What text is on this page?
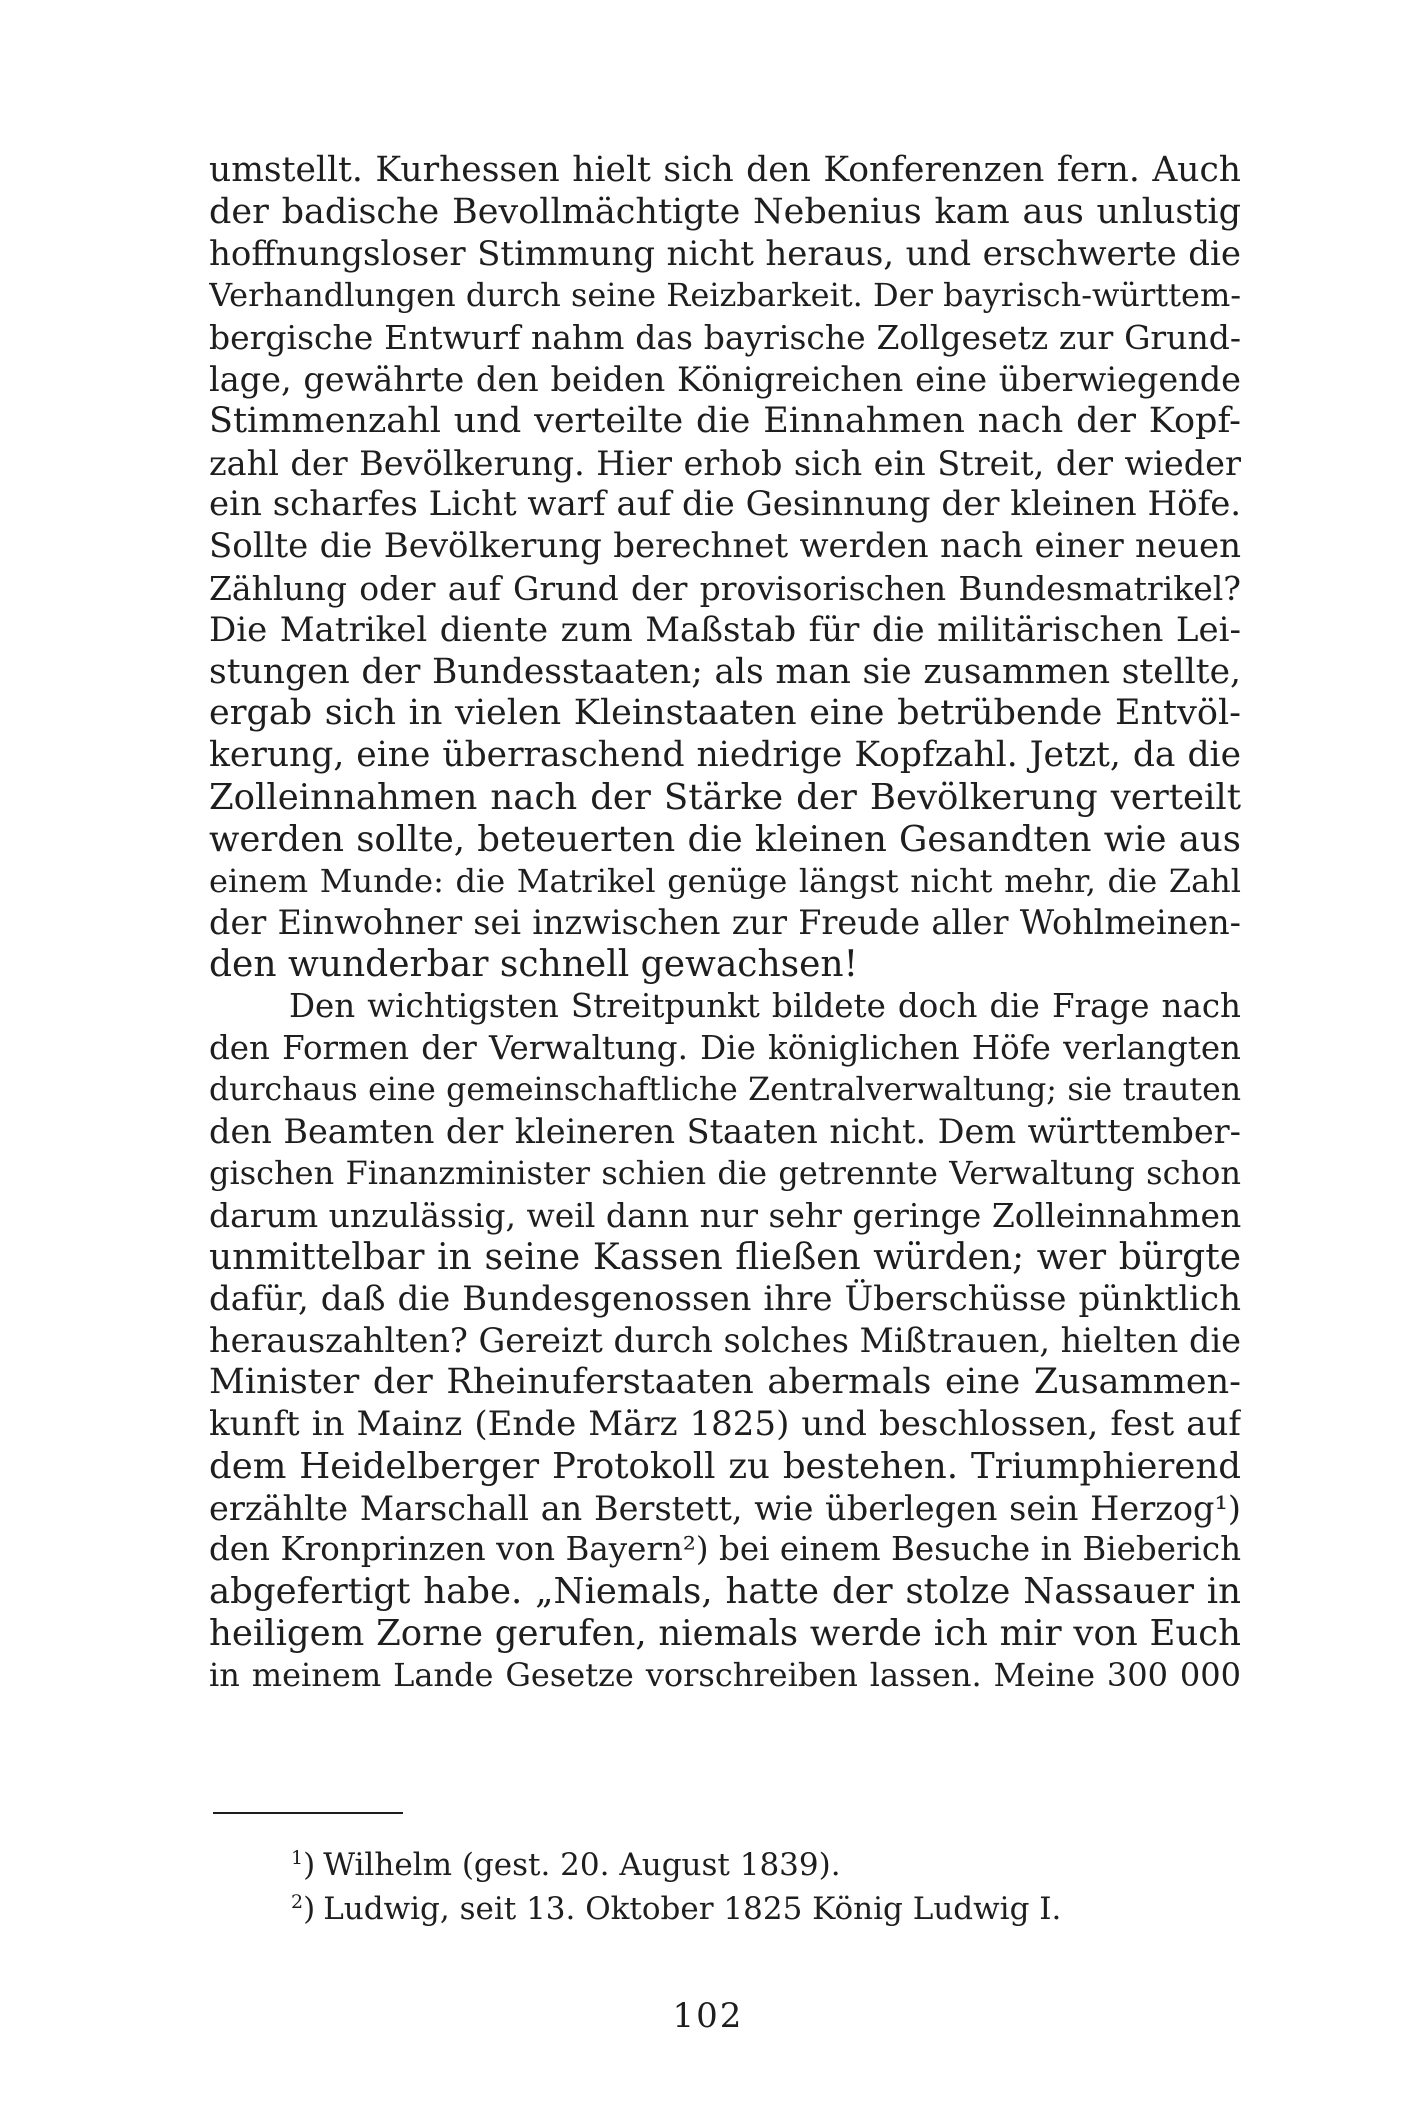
umstellt. Kurhessen hielt sich den Konferenzen fern. Auch
der badische Bevollmächtigte Nebenius kam aus unlustig
hoffnungsloser Stimmung nicht heraus, und erschwerte die
Verhandlungen durch seine Reizbarkeit. Der bayrisch-württem-
bergische Entwurf nahm das bayrische Zollgesetz zur Grund-
lage, gewährte den beiden Königreichen eine überwiegende
Stimmenzahl und verteilte die Einnahmen nach der Kopf-
zahl der Bevölkerung. Hier erhob sich ein Streit, der wieder
ein scharfes Licht warf auf die Gesinnung der kleinen Höfe.
Sollte die Bevölkerung berechnet werden nach einer neuen
Zählung oder auf Grund der provisorischen Bundesmatrikel?
Die Matrikel diente zum Maßstab für die militärischen Lei-
stungen der Bundesstaaten; als man sie zusammen stellte,
ergab sich in vielen Kleinstaaten eine betrübende Entvöl-
kerung, eine überraschend niedrige Kopfzahl. Jetzt, da die
Zolleinnahmen nach der Stärke der Bevölkerung verteilt
werden sollte, beteuerten die kleinen Gesandten wie aus
einem Munde: die Matrikel genüge längst nicht mehr, die Zahl
der Einwohner sei inzwischen zur Freude aller Wohlmeinen-
den wunderbar schnell gewachsen!
Den wichtigsten Streitpunkt bildete doch die Frage nach
den Formen der Verwaltung. Die königlichen Höfe verlangten
durchaus eine gemeinschaftliche Zentralverwaltung; sie trauten
den Beamten der kleineren Staaten nicht. Dem württember-
gischen Finanzminister schien die getrennte Verwaltung schon
darum unzulässig, weil dann nur sehr geringe Zolleinnahmen
unmittelbar in seine Kassen fließen würden; wer bürgte
dafür, daß die Bundesgenossen ihre Überschüsse pünktlich
herauszahlten? Gereizt durch solches Mißtrauen, hielten die
Minister der Rheinuferstaaten abermals eine Zusammen-
kunft in Mainz (Ende März 1825) und beschlossen, fest auf
dem Heidelberger Protokoll zu bestehen. Triumphierend
erzählte Marschall an Berstett, wie überlegen sein Herzog¹)
den Kronprinzen von Bayern²) bei einem Besuche in Bieberich
abgefertigt habe. „Niemals, hatte der stolze Nassauer in
heiligem Zorne gerufen, niemals werde ich mir von Euch
in meinem Lande Gesetze vorschreiben lassen. Meine 300 000
$^1$) Wilhelm (gest. 20. August 1839).
$^2$) Ludwig, seit 13. Oktober 1825 König Ludwig I.
102
